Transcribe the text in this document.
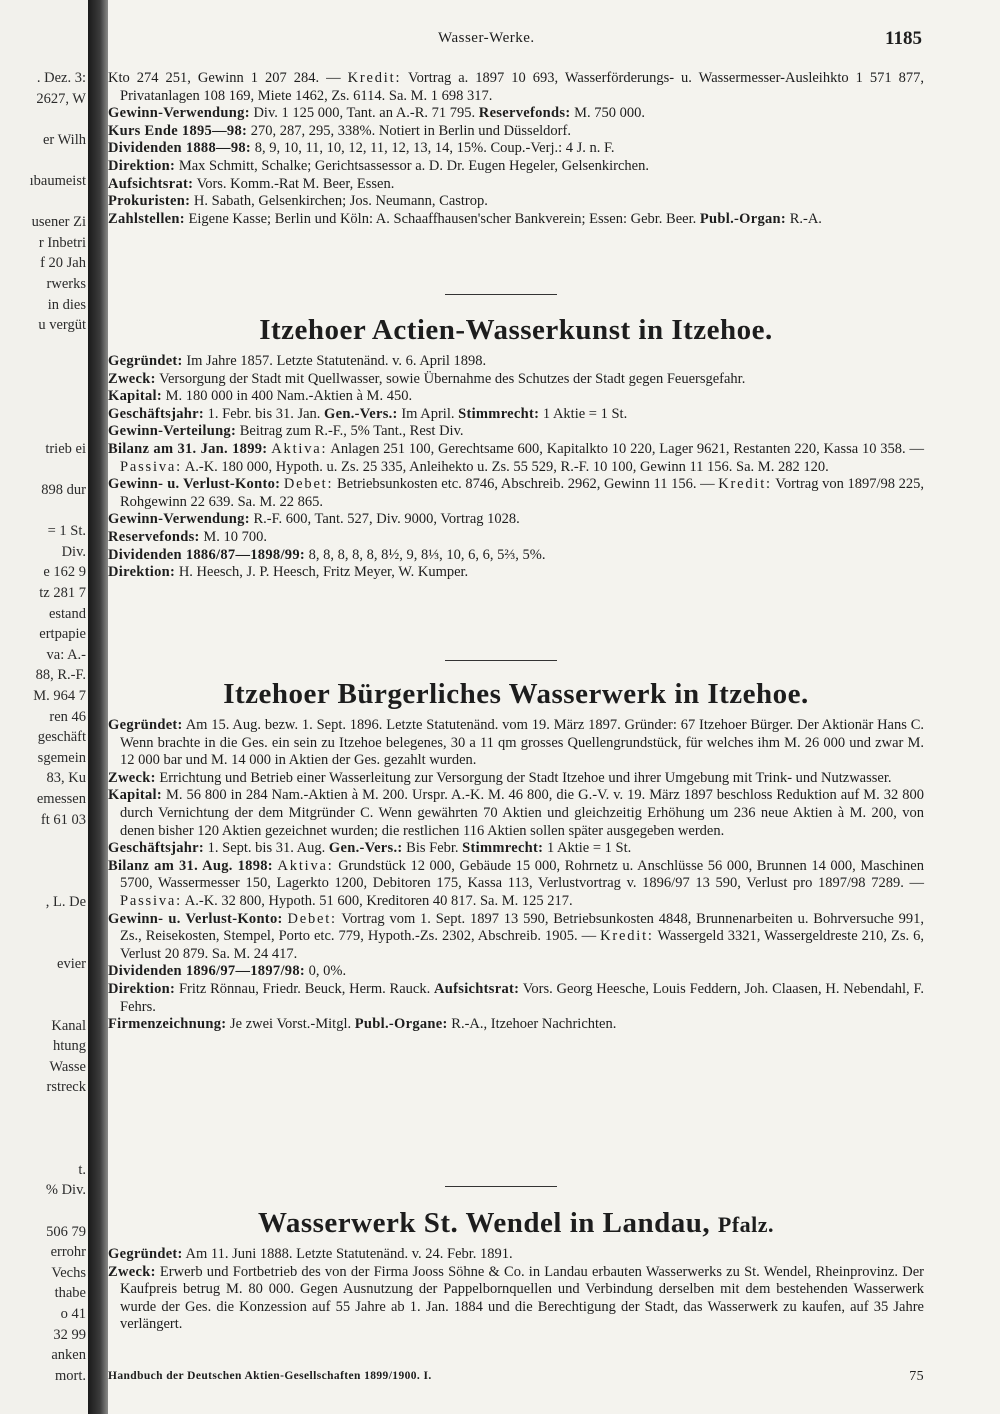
. Dez. 3:
2627, W
er Wilh
ıbaumeist
usener Zi
r Inbetri
f 20 Jah
rwerks
in dies
u vergüt
trieb ei
898 dur
= 1 St.
Div.
e 162 9
tz 281 7
estand
ertpapie
va: A.-
88, R.-F.
M. 964 7
ren 46
geschäft
sgemein
83, Ku
emessen
ft 61 03
, L. De
evier
Kanal
htung
Wasse
rstreck
t.
% Div.
506 79
errohr
Vechs
thabe
o 41
32 99
anken
mort.
Wasser-Werke.	1185

Kto 274 251, Gewinn 1 207 284. — Kredit: Vortrag a. 1897 10 693, Wasserförderungs- u. Wassermesser-Ausleihkto 1 571 877, Privatanlagen 108 169, Miete 1462, Zs. 6114. Sa. M. 1 698 317.

Gewinn-Verwendung: Div. 1 125 000, Tant. an A.-R. 71 795. Reservefonds: M. 750 000.

Kurs Ende 1895—98: 270, 287, 295, 338%. Notiert in Berlin und Düsseldorf.

Dividenden 1888—98: 8, 9, 10, 11, 10, 12, 11, 12, 13, 14, 15%. Coup.-Verj.: 4 J. n. F.

Direktion: Max Schmitt, Schalke; Gerichtsassessor a. D. Dr. Eugen Hegeler, Gelsenkirchen.

Aufsichtsrat: Vors. Komm.-Rat M. Beer, Essen.

Prokuristen: H. Sabath, Gelsenkirchen; Jos. Neumann, Castrop.

Zahlstellen: Eigene Kasse; Berlin und Köln: A. Schaaffhausen'scher Bankverein; Essen: Gebr. Beer. Publ.-Organ: R.-A.

Itzehoer Actien-Wasserkunst in Itzehoe.

Gegründet: Im Jahre 1857. Letzte Statutenänd. v. 6. April 1898.

Zweck: Versorgung der Stadt mit Quellwasser, sowie Übernahme des Schutzes der Stadt gegen Feuersgefahr.

Kapital: M. 180 000 in 400 Nam.-Aktien à M. 450.

Geschäftsjahr: 1. Febr. bis 31. Jan. Gen.-Vers.: Im April. Stimmrecht: 1 Aktie = 1 St.

Gewinn-Verteilung: Beitrag zum R.-F., 5% Tant., Rest Div.

Bilanz am 31. Jan. 1899: Aktiva: Anlagen 251 100, Gerechtsame 600, Kapitalkto 10 220, Lager 9621, Restanten 220, Kassa 10 358. — Passiva: A.-K. 180 000, Hypoth. u. Zs. 25 335, Anleihekto u. Zs. 55 529, R.-F. 10 100, Gewinn 11 156. Sa. M. 282 120.

Gewinn- u. Verlust-Konto: Debet: Betriebsunkosten etc. 8746, Abschreib. 2962, Gewinn 11 156. — Kredit: Vortrag von 1897/98 225, Rohgewinn 22 639. Sa. M. 22 865.

Gewinn-Verwendung: R.-F. 600, Tant. 527, Div. 9000, Vortrag 1028.

Reservefonds: M. 10 700.

Dividenden 1886/87—1898/99: 8, 8, 8, 8, 8, 8½, 9, 8⅓, 10, 6, 6, 5⅔, 5%.

Direktion: H. Heesch, J. P. Heesch, Fritz Meyer, W. Kumper.

Itzehoer Bürgerliches Wasserwerk in Itzehoe.

Gegründet: Am 15. Aug. bezw. 1. Sept. 1896. Letzte Statutenänd. vom 19. März 1897. Gründer: 67 Itzehoer Bürger. Der Aktionär Hans C. Wenn brachte in die Ges. ein sein zu Itzehoe belegenes, 30 a 11 qm grosses Quellengrundstück, für welches ihm M. 26 000 und zwar M. 12 000 bar und M. 14 000 in Aktien der Ges. gezahlt wurden.

Zweck: Errichtung und Betrieb einer Wasserleitung zur Versorgung der Stadt Itzehoe und ihrer Umgebung mit Trink- und Nutzwasser.

Kapital: M. 56 800 in 284 Nam.-Aktien à M. 200. Urspr. A.-K. M. 46 800, die G.-V. v. 19. März 1897 beschloss Reduktion auf M. 32 800 durch Vernichtung der dem Mitgründer C. Wenn gewährten 70 Aktien und gleichzeitig Erhöhung um 236 neue Aktien à M. 200, von denen bisher 120 Aktien gezeichnet wurden; die restlichen 116 Aktien sollen später ausgegeben werden.

Geschäftsjahr: 1. Sept. bis 31. Aug. Gen.-Vers.: Bis Febr. Stimmrecht: 1 Aktie = 1 St.

Bilanz am 31. Aug. 1898: Aktiva: Grundstück 12 000, Gebäude 15 000, Rohrnetz u. Anschlüsse 56 000, Brunnen 14 000, Maschinen 5700, Wassermesser 150, Lagerkto 1200, Debitoren 175, Kassa 113, Verlustvortrag v. 1896/97 13 590, Verlust pro 1897/98 7289. — Passiva: A.-K. 32 800, Hypoth. 51 600, Kreditoren 40 817. Sa. M. 125 217.

Gewinn- u. Verlust-Konto: Debet: Vortrag vom 1. Sept. 1897 13 590, Betriebsunkosten 4848, Brunnenarbeiten u. Bohrversuche 991, Zs., Reisekosten, Stempel, Porto etc. 779, Hypoth.-Zs. 2302, Abschreib. 1905. — Kredit: Wassergeld 3321, Wassergeldreste 210, Zs. 6, Verlust 20 879. Sa. M. 24 417.

Dividenden 1896/97—1897/98: 0, 0%.

Direktion: Fritz Rönnau, Friedr. Beuck, Herm. Rauck. Aufsichtsrat: Vors. Georg Heesche, Louis Feddern, Joh. Claasen, H. Nebendahl, F. Fehrs.

Firmenzeichnung: Je zwei Vorst.-Mitgl. Publ.-Organe: R.-A., Itzehoer Nachrichten.

Wasserwerk St. Wendel in Landau, Pfalz.

Gegründet: Am 11. Juni 1888. Letzte Statutenänd. v. 24. Febr. 1891.

Zweck: Erwerb und Fortbetrieb des von der Firma Jooss Söhne & Co. in Landau erbauten Wasserwerks zu St. Wendel, Rheinprovinz. Der Kaufpreis betrug M. 80 000. Gegen Ausnutzung der Pappelbornquellen und Verbindung derselben mit dem bestehenden Wasserwerk wurde der Ges. die Konzession auf 55 Jahre ab 1. Jan. 1884 und die Berechtigung der Stadt, das Wasserwerk zu kaufen, auf 35 Jahre verlängert.

Handbuch der Deutschen Aktien-Gesellschaften 1899/1900. I.	75
